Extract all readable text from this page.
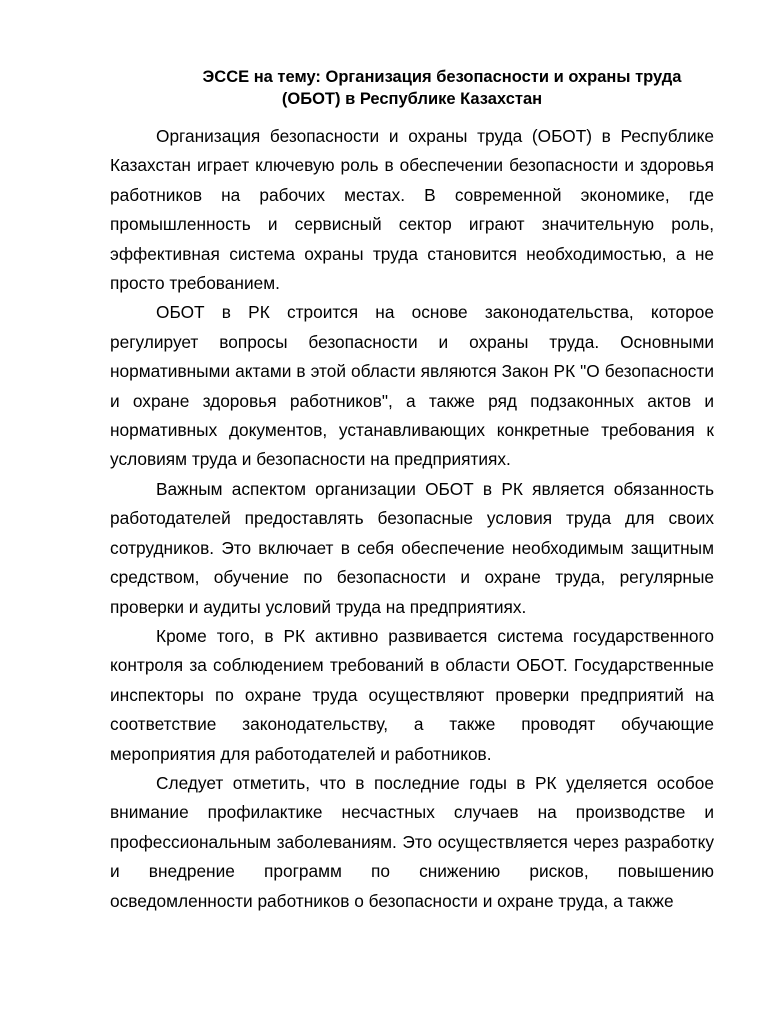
ЭССЕ на тему: Организация безопасности и охраны труда
(ОБОТ) в Республике Казахстан

Организация безопасности и охраны труда (ОБОТ) в Республике Казахстан играет ключевую роль в обеспечении безопасности и здоровья работников на рабочих местах. В современной экономике, где промышленность и сервисный сектор играют значительную роль, эффективная система охраны труда становится необходимостью, а не просто требованием.

ОБОТ в РК строится на основе законодательства, которое регулирует вопросы безопасности и охраны труда. Основными нормативными актами в этой области являются Закон РК "О безопасности и охране здоровья работников", а также ряд подзаконных актов и нормативных документов, устанавливающих конкретные требования к условиям труда и безопасности на предприятиях.

Важным аспектом организации ОБОТ в РК является обязанность работодателей предоставлять безопасные условия труда для своих сотрудников. Это включает в себя обеспечение необходимым защитным средством, обучение по безопасности и охране труда, регулярные проверки и аудиты условий труда на предприятиях.

Кроме того, в РК активно развивается система государственного контроля за соблюдением требований в области ОБОТ. Государственные инспекторы по охране труда осуществляют проверки предприятий на соответствие законодательству, а также проводят обучающие мероприятия для работодателей и работников.

Следует отметить, что в последние годы в РК уделяется особое внимание профилактике несчастных случаев на производстве и профессиональным заболеваниям. Это осуществляется через разработку и внедрение программ по снижению рисков, повышению осведомленности работников о безопасности и охране труда, а также
